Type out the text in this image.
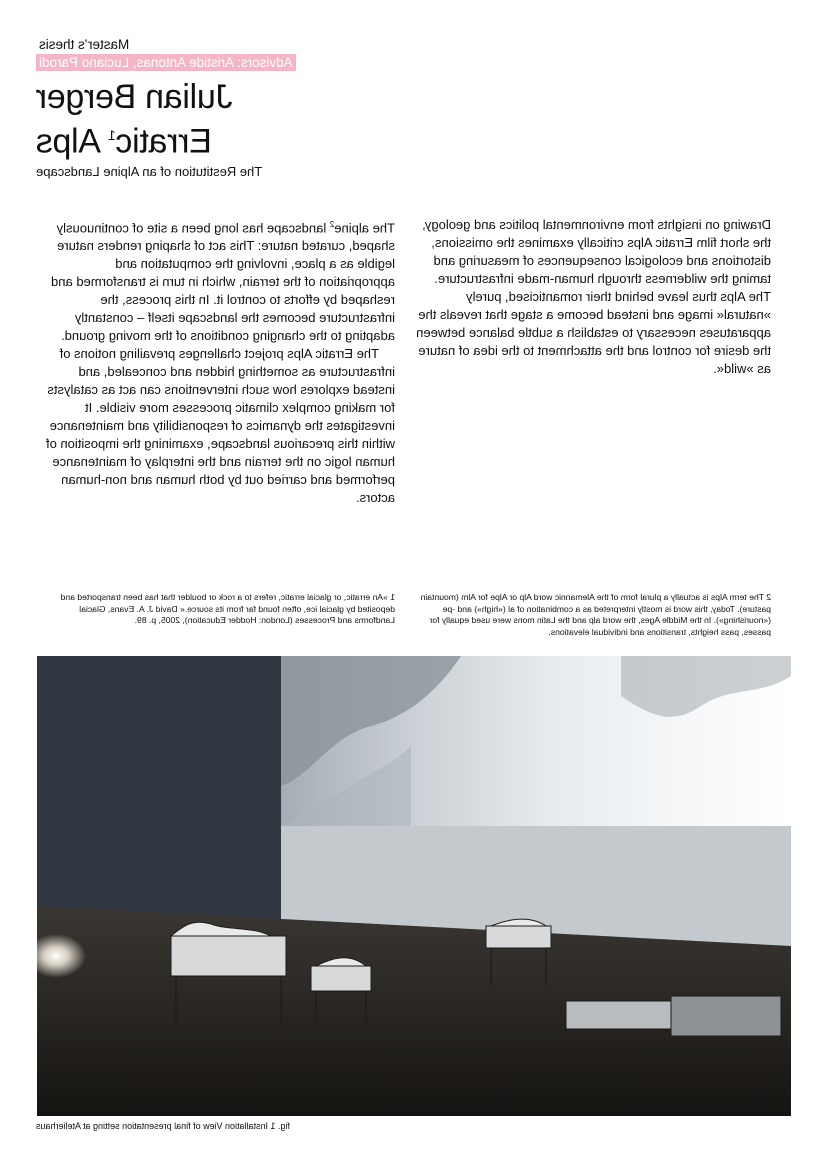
Master’s thesis
Advisors: Aristide Antonas, Luciano Parodi
Julian Berger
Erratic$^1$ Alps
The Restitution of an Alpine Landscape

The alpine$^2$ landscape has long been a site of continuously shaped, curated nature: This act of shaping renders nature legible as a place, involving the computation and appropriation of the terrain, which in turn is transformed and reshaped by efforts to control it. In this process, the infrastructure becomes the landscape itself – constantly adapting to the changing conditions of the moving ground.

The Erratic Alps project challenges prevailing notions of infrastructure as something hidden and concealed, and instead explores how such interventions can act as catalysts for making complex climatic processes more visible. It investigates the dynamics of responsibility and maintenance within this precarious landscape, examining the imposition of human logic on the terrain and the interplay of maintenance performed and carried out by both human and non-human actors.

Drawing on insights from environmental politics and geology, the short film Erratic Alps critically examines the omissions, distortions and ecological consequences of measuring and taming the wilderness through human-made infrastructure. The Alps thus leave behind their romanticised, purely »natural« image and instead become a stage that reveals the apparatuses necessary to establish a subtle balance between the desire for control and the attachment to the idea of nature as »wild«.

1 »An erratic, or glacial erratic, refers to a rock or boulder that has been transported and deposited by glacial ice, often found far from its source.« David J. A. Evans, Glacial Landforms and Processes (London: Hodder Education), 2005, p. 89.
2 The term Alps is actually a plural form of the Alemannic word Alp or Alpe for Alm (mountain pasture). Today, this word is mostly interpreted as a combination of al («high») and -pe («nourishing»). In the Middle Ages, the word alp and the Latin mons were used equally for passes, pass heights, transitions and individual elevations.
fig. 1 Installation View of final presentation setting at Atelierhaus
